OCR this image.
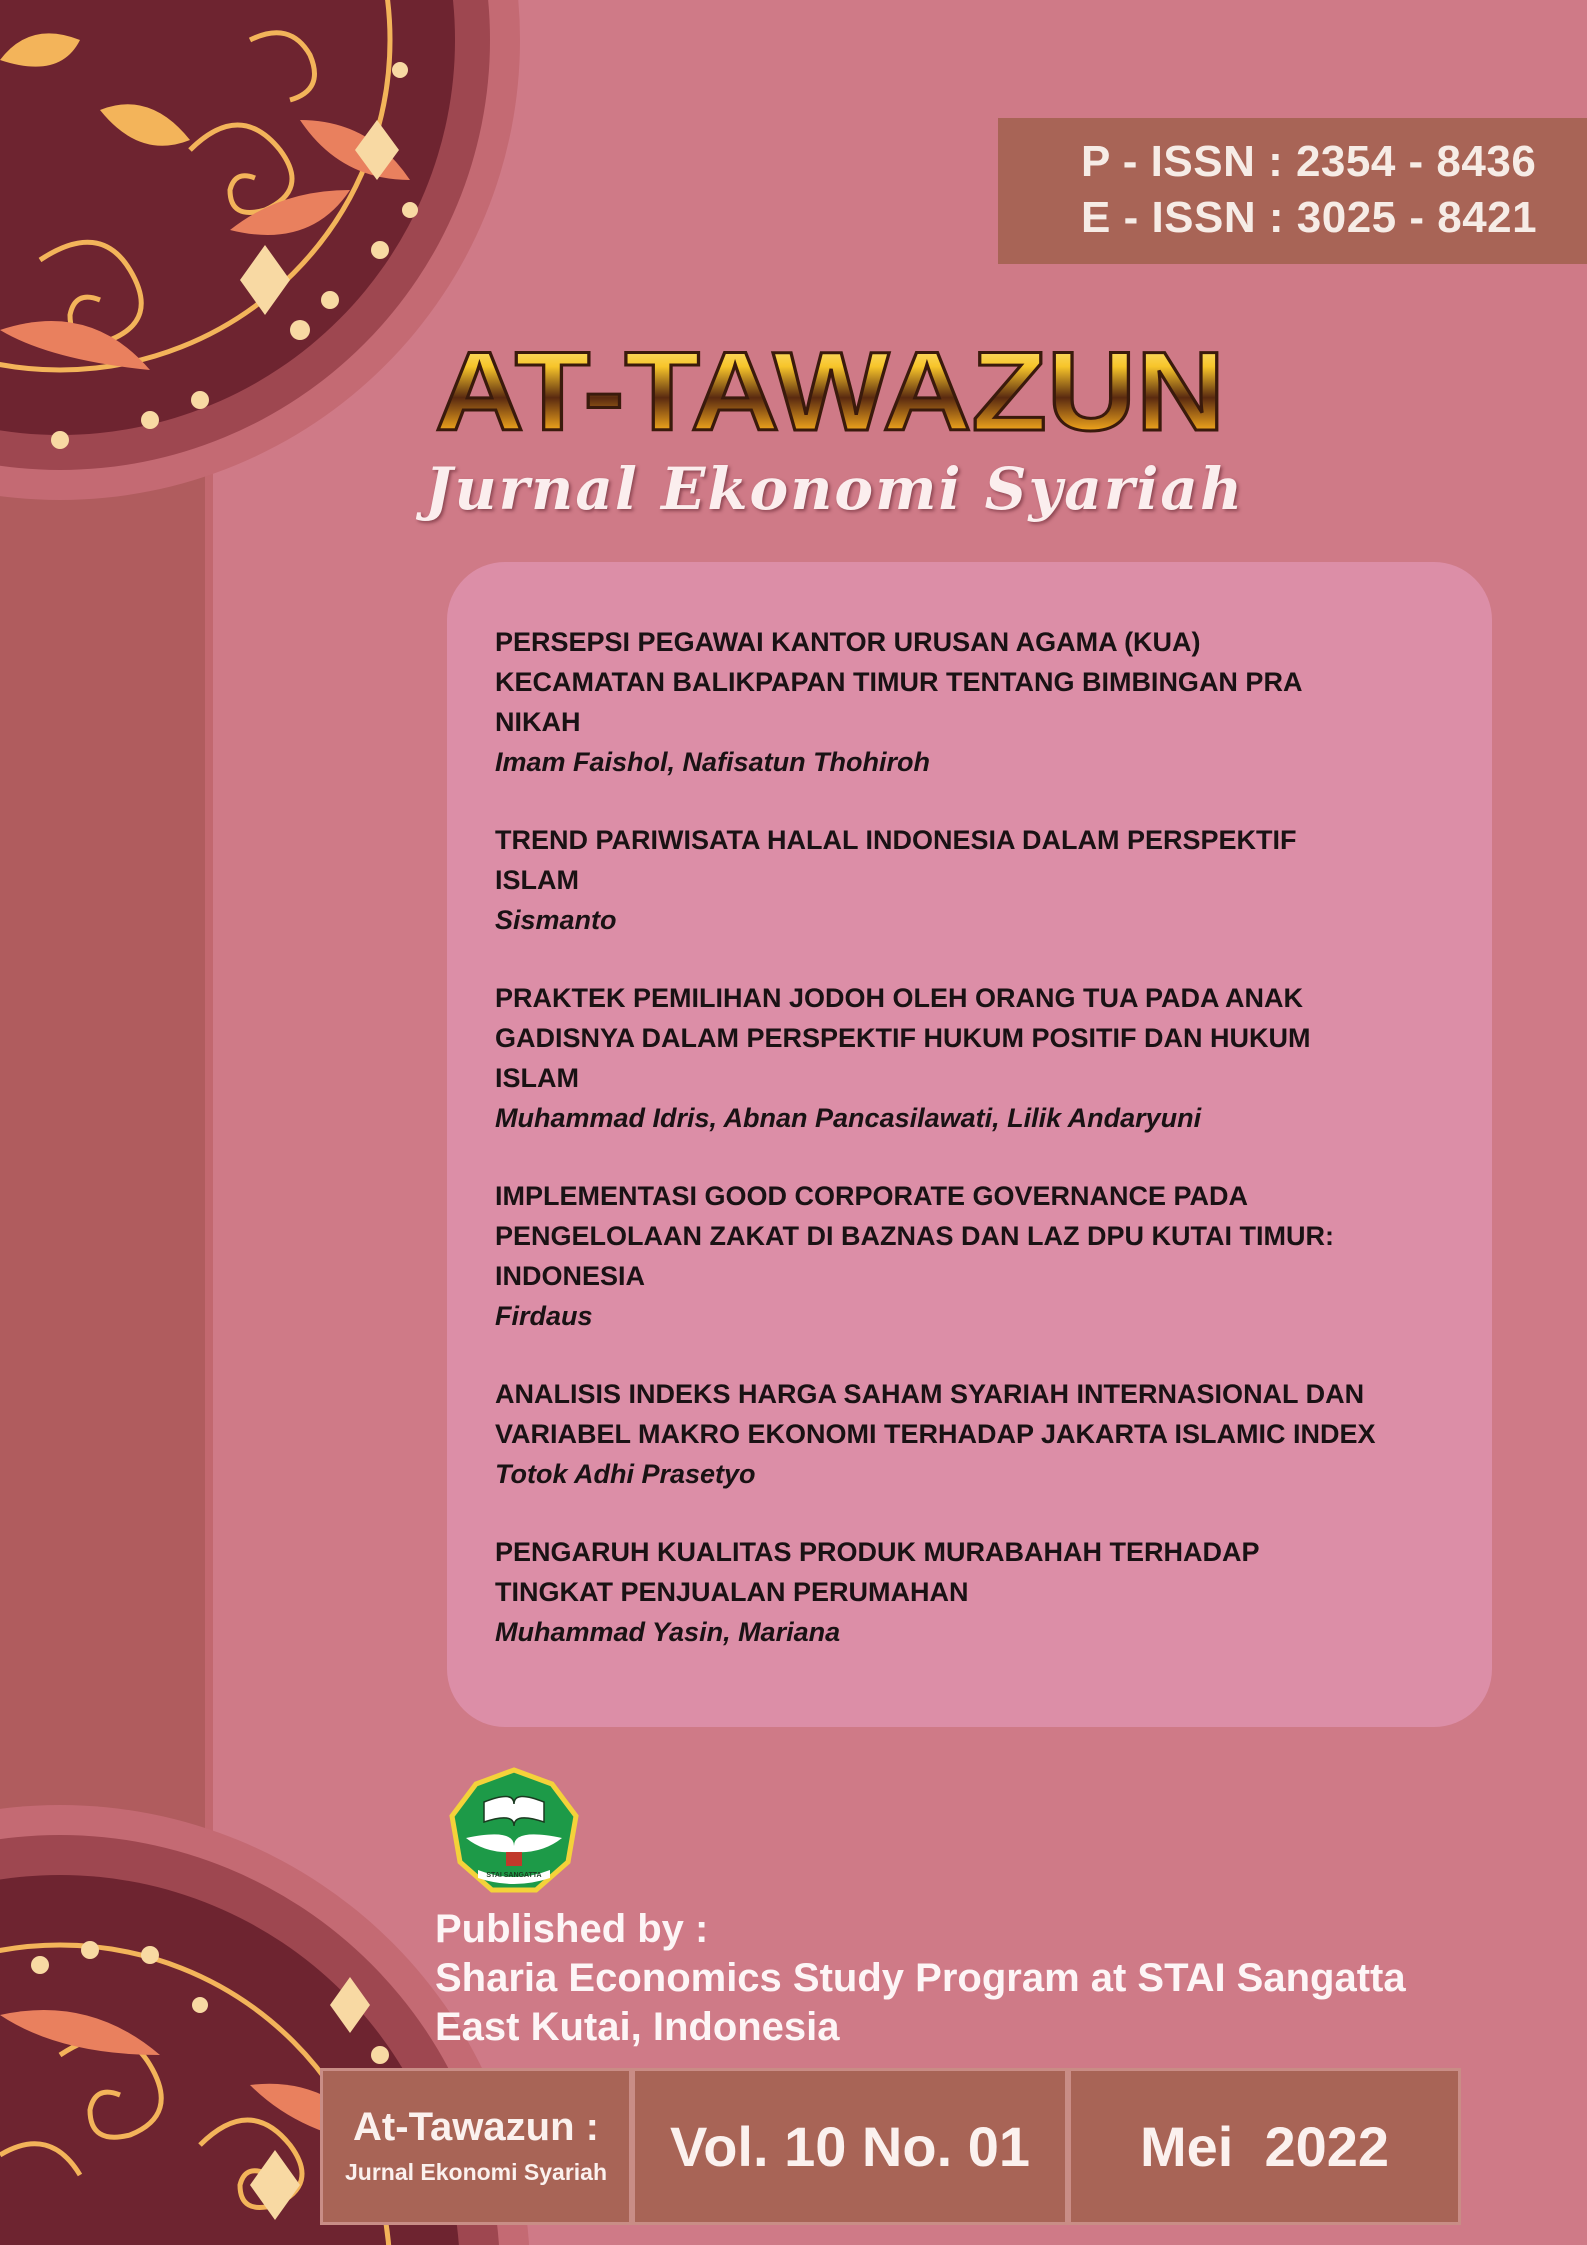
P - ISSN : 2354 - 8436
E - ISSN : 3025 - 8421
AT-TAWAZUN
Jurnal Ekonomi Syariah
PERSEPSI PEGAWAI KANTOR URUSAN AGAMA (KUA)
KECAMATAN BALIKPAPAN TIMUR TENTANG BIMBINGAN PRA
NIKAH
Imam Faishol, Nafisatun Thohiroh
TREND PARIWISATA HALAL INDONESIA DALAM PERSPEKTIF
ISLAM
Sismanto
PRAKTEK PEMILIHAN JODOH OLEH ORANG TUA PADA ANAK
GADISNYA DALAM PERSPEKTIF HUKUM POSITIF DAN HUKUM
ISLAM
Muhammad Idris, Abnan Pancasilawati, Lilik Andaryuni
IMPLEMENTASI GOOD CORPORATE GOVERNANCE PADA
PENGELOLAAN ZAKAT DI BAZNAS DAN LAZ DPU KUTAI TIMUR:
INDONESIA
Firdaus
ANALISIS INDEKS HARGA SAHAM SYARIAH INTERNASIONAL DAN
VARIABEL MAKRO EKONOMI TERHADAP JAKARTA ISLAMIC INDEX
Totok Adhi Prasetyo
PENGARUH KUALITAS PRODUK MURABAHAH TERHADAP
TINGKAT PENJUALAN PERUMAHAN
Muhammad Yasin, Mariana
STAI SANGATTA
Published by :
Sharia Economics Study Program at STAI Sangatta
East Kutai, Indonesia
At-Tawazun :
Jurnal Ekonomi Syariah	Vol. 10 No. 01	Mei  2022
